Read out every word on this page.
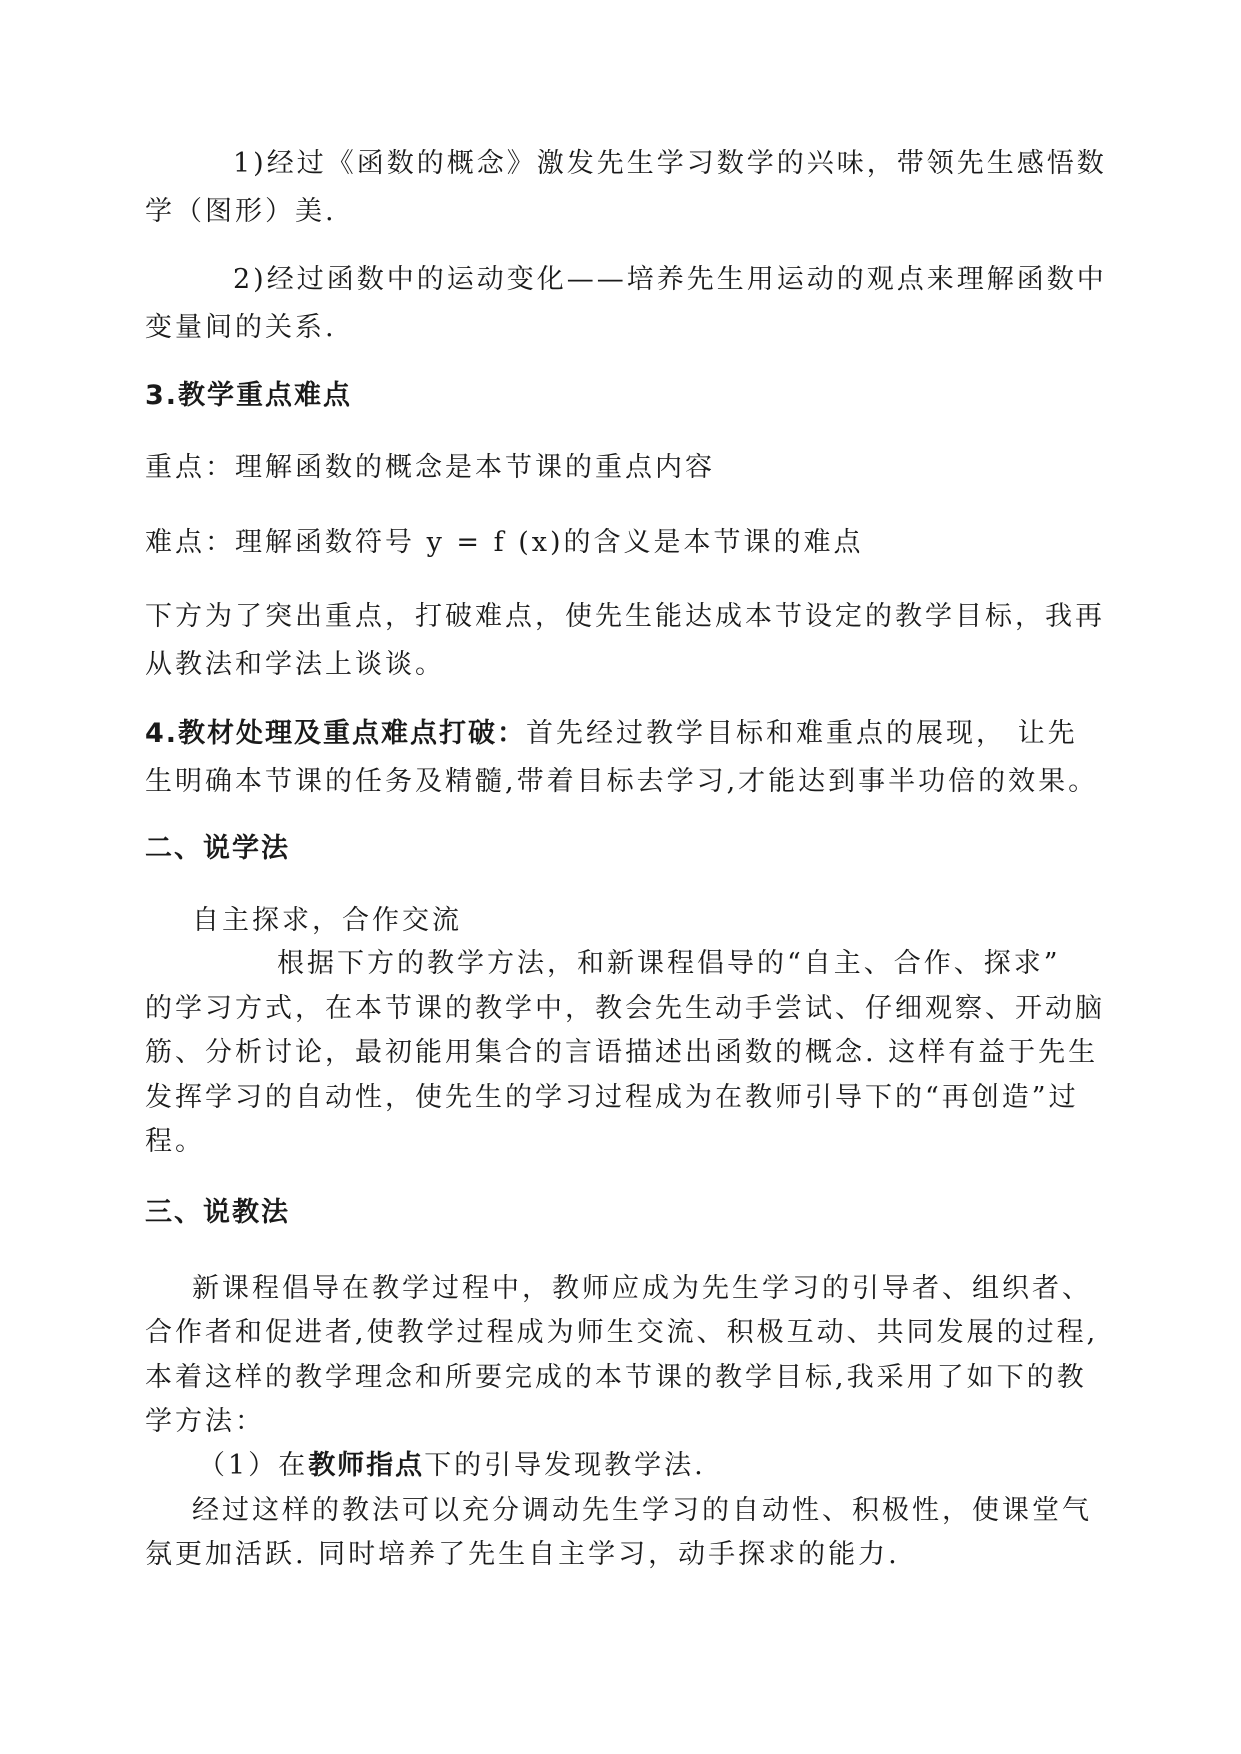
1)经过《函数的概念》激发先生学习数学的兴味，带领先生感悟数
学（图形）美.
2)经过函数中的运动变化——培养先生用运动的观点来理解函数中
变量间的关系.
3.教学重点难点
重点：理解函数的概念是本节课的重点内容
难点：理解函数符号 y = f (x)的含义是本节课的难点
下方为了突出重点，打破难点，使先生能达成本节设定的教学目标，我再
从教法和学法上谈谈。
4.教材处理及重点难点打破：首先经过教学目标和难重点的展现， 让先
生明确本节课的任务及精髓,带着目标去学习,才能达到事半功倍的效果。
二、说学法
自主探求，合作交流
根据下方的教学方法，和新课程倡导的“自主、合作、探求”
的学习方式，在本节课的教学中，教会先生动手尝试、仔细观察、开动脑
筋、分析讨论，最初能用集合的言语描述出函数的概念. 这样有益于先生
发挥学习的自动性，使先生的学习过程成为在教师引导下的“再创造”过
程。
三、说教法
新课程倡导在教学过程中，教师应成为先生学习的引导者、组织者、
合作者和促进者,使教学过程成为师生交流、积极互动、共同发展的过程,
本着这样的教学理念和所要完成的本节课的教学目标,我采用了如下的教
学方法：
（1）在教师指点下的引导发现教学法.
经过这样的教法可以充分调动先生学习的自动性、积极性，使课堂气
氛更加活跃. 同时培养了先生自主学习，动手探求的能力.
